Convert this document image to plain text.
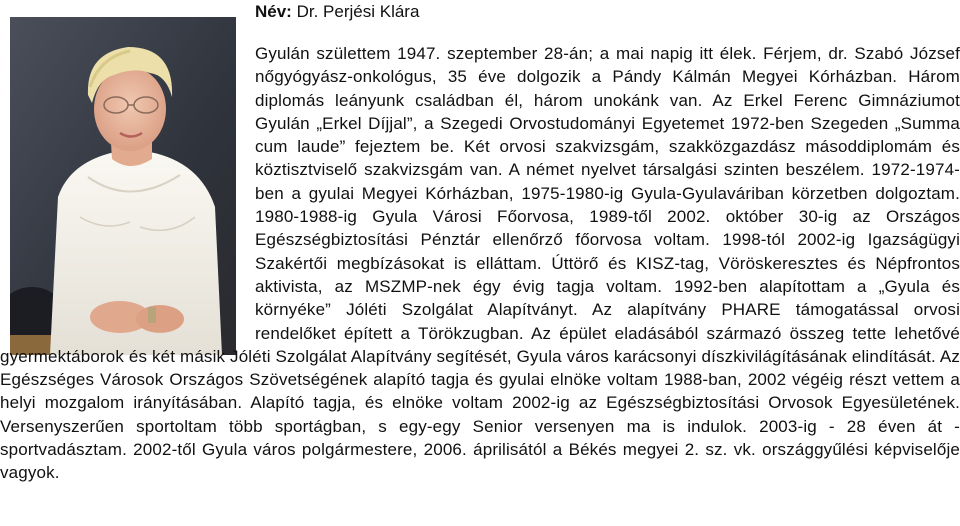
Név: Dr. Perjési Klára

Gyulán születtem 1947. szeptember 28-án; a mai napig itt élek. Férjem, dr. Szabó József nőgyógyász-onkológus, 35 éve dolgozik a Pándy Kálmán Megyei Kórházban. Három diplomás leányunk családban él, három unokánk van. Az Erkel Ferenc Gimnáziumot Gyulán „Erkel Díjjal”, a Szegedi Orvostudományi Egyetemet 1972-ben Szegeden „Summa cum laude” fejeztem be. Két orvosi szakvizsgám, szakközgazdász másoddiplomám és köztisztviselő szakvizsgám van. A német nyelvet társalgási szinten beszélem. 1972-1974-ben a gyulai Megyei Kórházban, 1975-1980-ig Gyula-Gyulaváriban körzetben dolgoztam. 1980-1988-ig Gyula Városi Főorvosa, 1989-től 2002. október 30-ig az Országos Egészségbiztosítási Pénztár ellenőrző főorvosa voltam. 1998-tól 2002-ig Igazságügyi Szakértői megbízásokat is elláttam. Úttörő és KISZ-tag, Vöröskeresztes és Népfrontos aktivista, az MSZMP-nek égy évig tagja voltam. 1992-ben alapítottam a „Gyula és környéke” Jóléti Szolgálat Alapítványt. Az alapítvány PHARE támogatással orvosi rendelőket épített a Törökzugban. Az épület eladásából származó összeg tette lehetővé gyermektáborok és két másik Jóléti Szolgálat Alapítvány segítését, Gyula város karácsonyi díszkivilágításának elindítását. Az Egészséges Városok Országos Szövetségének alapító tagja és gyulai elnöke voltam 1988-ban, 2002 végéig részt vettem a helyi mozgalom irányításában. Alapító tagja, és elnöke voltam 2002-ig az Egészségbiztosítási Orvosok Egyesületének. Versenyszerűen sportoltam több sportágban, s egy-egy Senior versenyen ma is indulok. 2003-ig - 28 éven át - sportvadásztam. 2002-től Gyula város polgármestere, 2006. áprilisától a Békés megyei 2. sz. vk. országgyűlési képviselője vagyok.
